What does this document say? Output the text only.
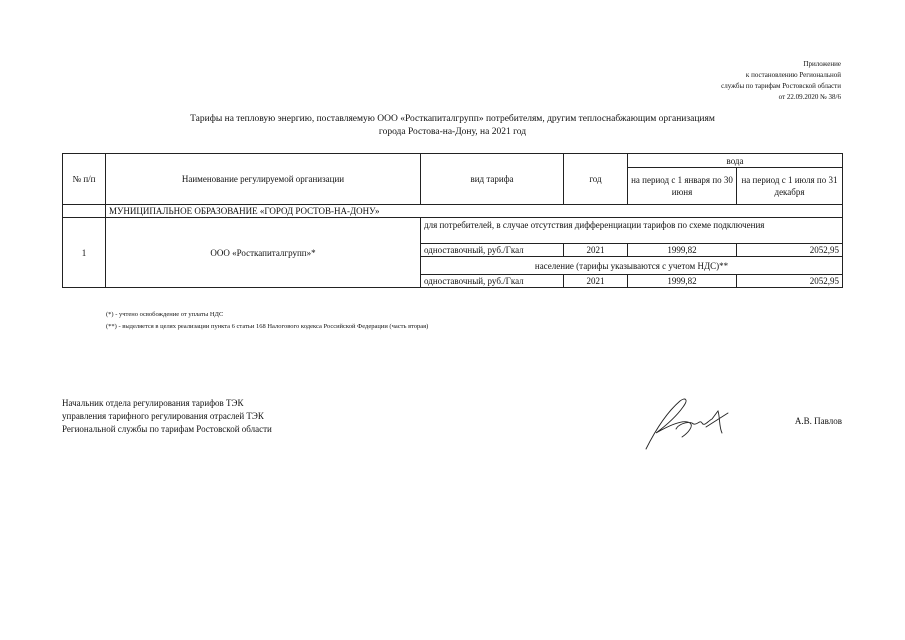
Приложение
к постановлению Региональной
службы по тарифам Ростовской области
от 22.09.2020 № 38/6
Тарифы на тепловую энергию, поставляемую ООО «Росткапиталгрупп» потребителям, другим теплоснабжающим организациям
города Ростова-на-Дону, на 2021 год
№ п/п	Наименование регулируемой организации	вид тарифа	год	вода	
				на период с 1 января по 30 июня	на период с 1 июля по 31 декабря
	МУНИЦИПАЛЬНОЕ ОБРАЗОВАНИЕ «ГОРОД РОСТОВ-НА-ДОНУ»				
1	ООО «Росткапиталгрупп»*	для потребителей, в случае отсутствия дифференциации тарифов по схеме подключения			
		одноставочный, руб./Гкал	2021	1999,82	2052,95
		население (тарифы указываются с учетом НДС)**			
		одноставочный, руб./Гкал	2021	1999,82	2052,95
(*) - учтено освобождение от уплаты НДС
(**) - выделяется в целях реализации пункта 6 статьи 168 Налогового кодекса Российской Федерации (часть вторая)
Начальник отдела регулирования тарифов ТЭК
управления тарифного регулирования отраслей ТЭК
Региональной службы по тарифам Ростовской области
А.В. Павлов
